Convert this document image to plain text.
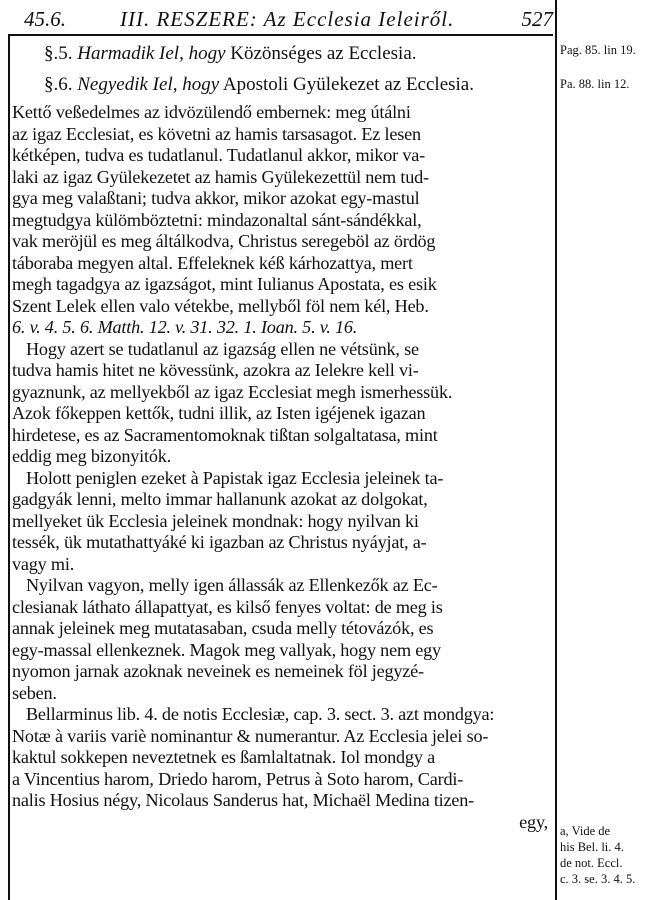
45.6.	III. RESZERE: Az Ecclesia Ieleiről.	527
§.5. Harmadik Iel, hogy Közönséges az Ecclesia.
§.6. Negyedik Iel, hogy Apostoli Gyülekezet az Ecclesia.
Pag. 85. lin 19.
Pa. 88. lin 12.
a, Vide de
his Bel. li. 4.
de not. Eccl.
c. 3. se. 3. 4. 5.
Kettő veßedelmes az idvözülendő embernek: meg útálni
az igaz Ecclesiat, es követni az hamis tarsasagot. Ez lesen
kétképen, tudva es tudatlanul. Tudatlanul akkor, mikor va-
laki az igaz Gyülekezetet az hamis Gyülekezettül nem tud-
gya meg valaßtani; tudva akkor, mikor azokat egy-mastul
megtudgya külömböztetni: mindazonaltal sánt-sándékkal,
vak meröjül es meg áltálkodva, Christus seregeböl az ördög
táboraba megyen altal. Effeleknek kéß kárhozattya, mert
megh tagadgya az igazságot, mint Iulianus Apostata, es esik
Szent Lelek ellen valo vétekbe, mellyből föl nem kél, Heb.
6. v. 4. 5. 6. Matth. 12. v. 31. 32. 1. Ioan. 5. v. 16.
Hogy azert se tudatlanul az igazság ellen ne vétsünk, se
tudva hamis hitet ne kövessünk, azokra az Ielekre kell vi-
gyaznunk, az mellyekből az igaz Ecclesiat megh ismerhessük.
Azok főkeppen kettők, tudni illik, az Isten igéjenek igazan
hirdetese, es az Sacramentomoknak tißtan solgaltatasa, mint
eddig meg bizonyitók.
Holott peniglen ezeket à Papistak igaz Ecclesia jeleinek ta-
gadgyák lenni, melto immar hallanunk azokat az dolgokat,
mellyeket ük Ecclesia jeleinek mondnak: hogy nyilvan ki
tessék, ük mutathattyáké ki igazban az Christus nyáyjat, a-
vagy mi.
Nyilvan vagyon, melly igen állassák az Ellenkezők az Ec-
clesianak láthato állapattyat, es kilső fenyes voltat: de meg is
annak jeleinek meg mutatasaban, csuda melly tétovázók, es
egy-massal ellenkeznek. Magok meg vallyak, hogy nem egy
nyomon jarnak azoknak neveinek es nemeinek föl jegyzé-
seben.
Bellarminus lib. 4. de notis Ecclesiæ, cap. 3. sect. 3. azt mondgya:
Notæ à variis variè nominantur & numerantur. Az Ecclesia jelei so-
kaktul sokkepen neveztetnek es ßamlaltatnak. Iol mondgy a
a Vincentius harom, Driedo harom, Petrus à Soto harom, Cardi-
nalis Hosius négy, Nicolaus Sanderus hat, Michaël Medina tizen-
egy,
